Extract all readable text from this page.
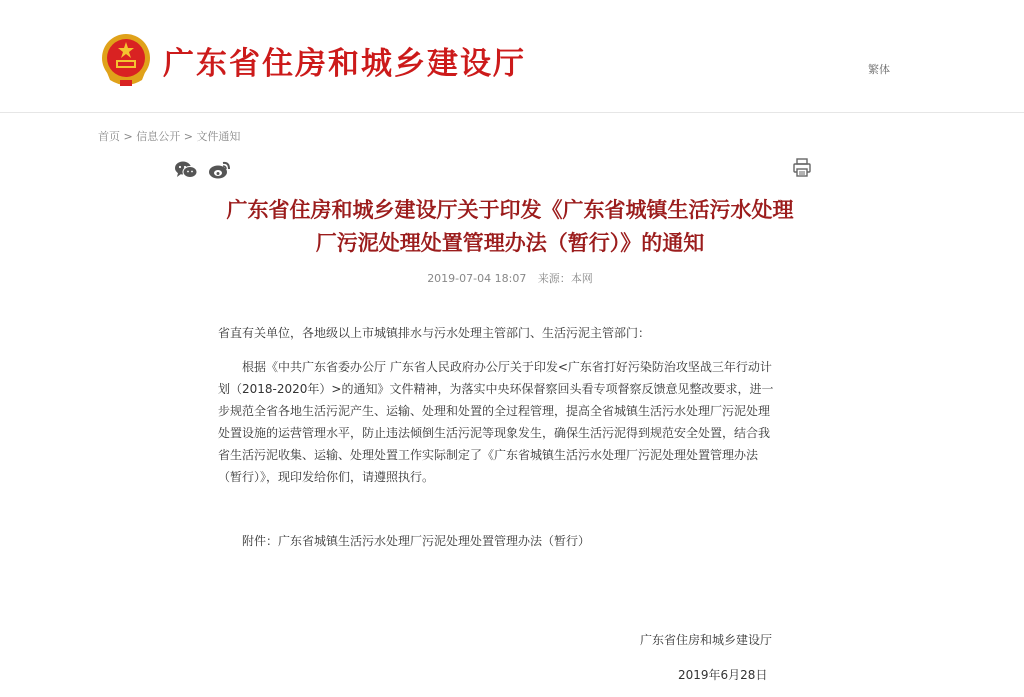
广东省住房和城乡建设厅	繁体
首页 > 信息公开 > 文件通知
广东省住房和城乡建设厅关于印发《广东省城镇生活污水处理
厂污泥处理处置管理办法（暂行）》的通知
2019-07-04 18:07 来源：本网

省直有关单位，各地级以上市城镇排水与污水处理主管部门、生活污泥主管部门：

根据《中共广东省委办公厅 广东省人民政府办公厅关于印发<广东省打好污染防治攻坚战三年行动计划（2018-2020年）>的通知》文件精神，为落实中央环保督察回头看专项督察反馈意见整改要求，进一步规范全省各地生活污泥产生、运输、处理和处置的全过程管理，提高全省城镇生活污水处理厂污泥处理处置设施的运营管理水平，防止违法倾倒生活污泥等现象发生，确保生活污泥得到规范安全处置，结合我省生活污泥收集、运输、处理处置工作实际制定了《广东省城镇生活污水处理厂污泥处理处置管理办法（暂行）》，现印发给你们，请遵照执行。

附件：广东省城镇生活污水处理厂污泥处理处置管理办法（暂行）
广东省住房和城乡建设厅
2019年6月28日
